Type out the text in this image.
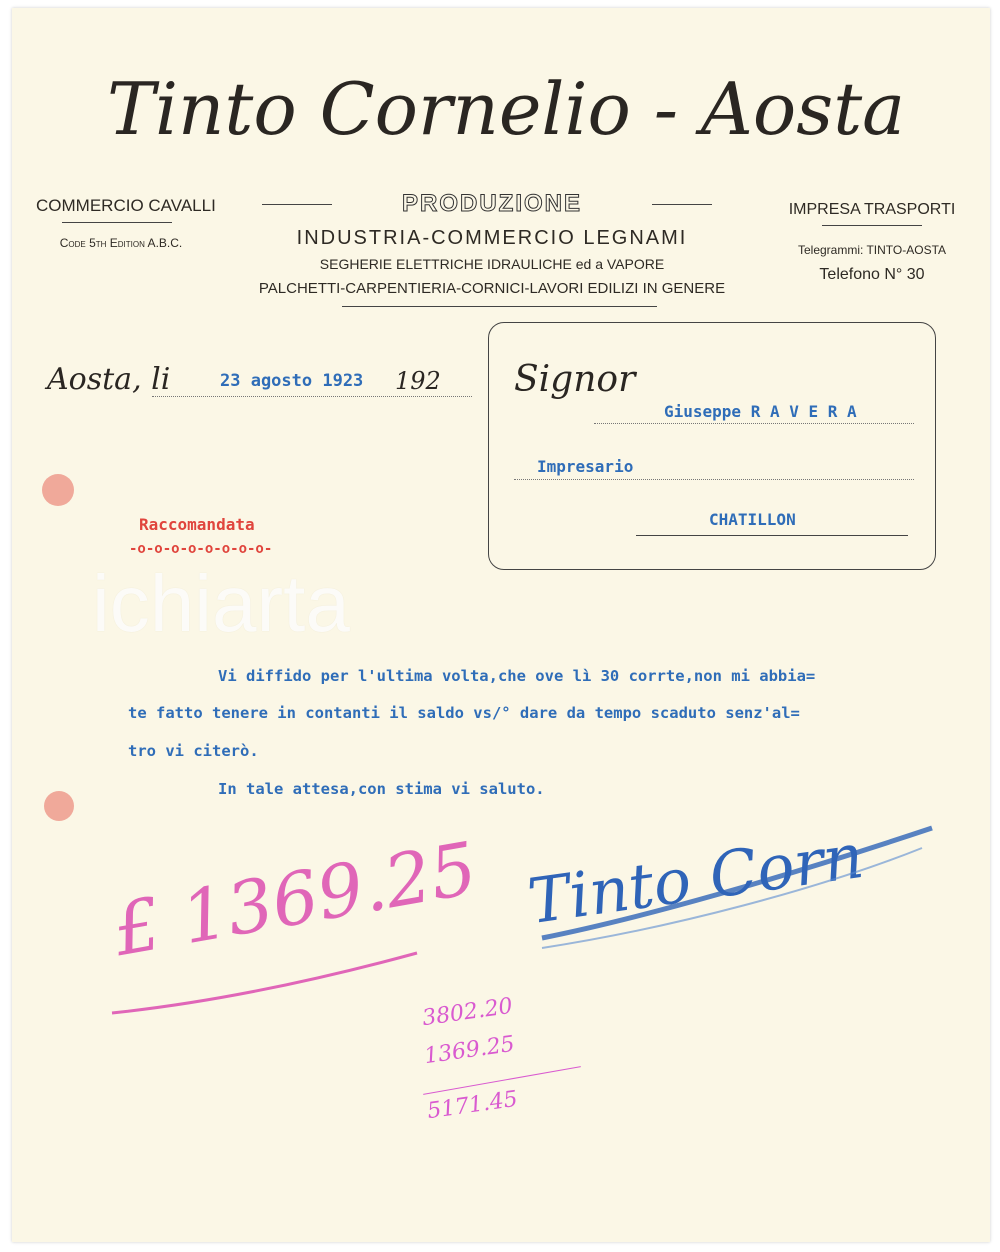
ichiarta
Tinto Cornelio - Aosta
COMMERCIO CAVALLI
Code 5th Edition A.B.C.
PRODUZIONE
INDUSTRIA-COMMERCIO LEGNAMI
SEGHERIE ELETTRICHE IDRAULICHE ed a VAPORE
PALCHETTI-CARPENTIERIA-CORNICI-LAVORI EDILIZI IN GENERE
IMPRESA TRASPORTI
Telegrammi: TINTO-AOSTA
Telefono N° 30
Aosta, li	23 agosto 1923 192 Signor
Giuseppe R A V E R A
Impresario
CHATILLON
Raccomandata
-o-o-o-o-o-o-o-o-
Vi diffido per l'ultima volta,che ove lì 30 corrte,non mi abbia=
te fatto tenere in contanti il saldo vs/° dare da tempo scaduto senz'al=
tro vi citerò.
In tale attesa,con stima vi saluto.
Tinto Corn
£ 1369.25
3802.20
1369.25
5171.45
